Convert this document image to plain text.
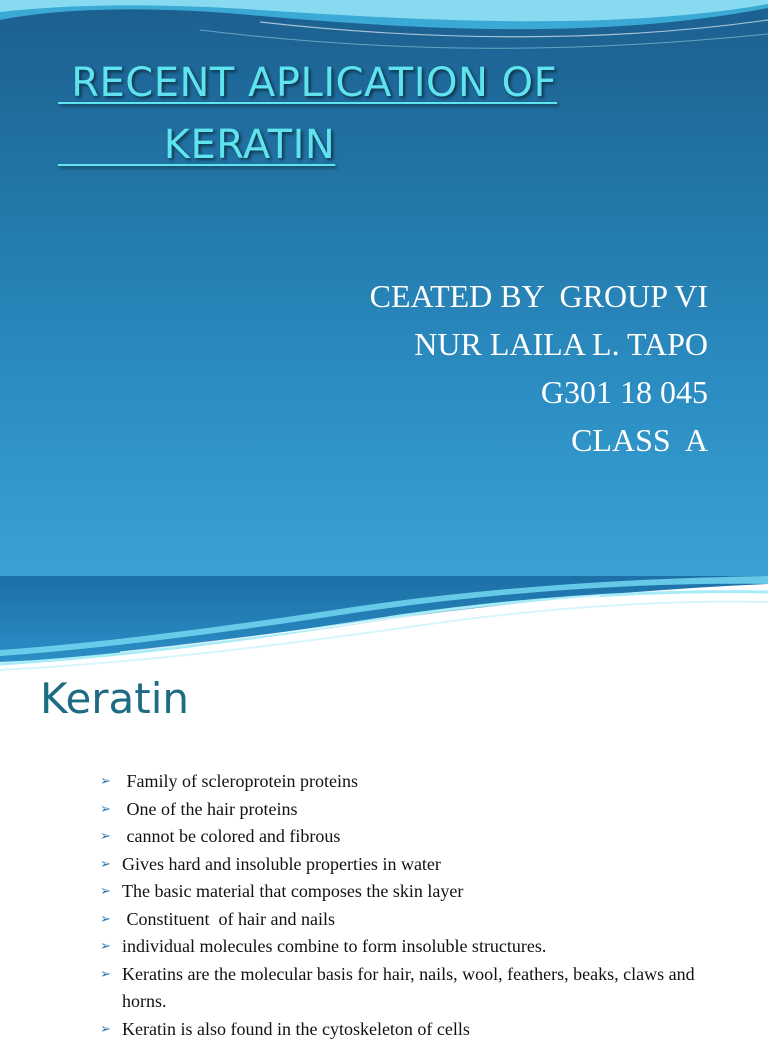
RECENT APLICATION OF
KERATIN
CEATED BY  GROUP VI
NUR LAILA L. TAPO
G301 18 045
CLASS  A
Keratin
➢ Family of scleroprotein proteins
➢ One of the hair proteins
➢ cannot be colored and fibrous
➢ Gives hard and insoluble properties in water
➢ The basic material that composes the skin layer
➢ Constituent  of hair and nails
➢ individual molecules combine to form insoluble structures.
➢ Keratins are the molecular basis for hair, nails, wool, feathers, beaks, claws and horns.
➢ Keratin is also found in the cytoskeleton of cells
